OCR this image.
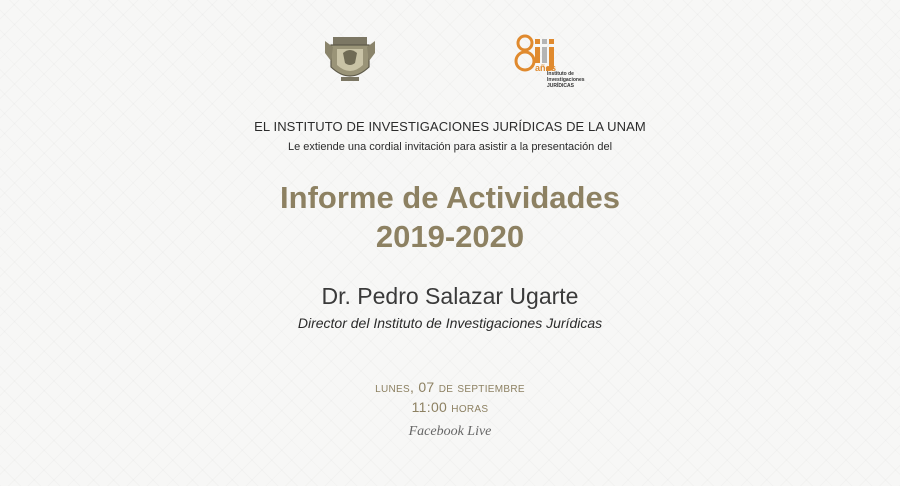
años
Instituto de
Investigaciones
JURÍDICAS
EL INSTITUTO DE INVESTIGACIONES JURÍDICAS DE LA UNAM
Le extiende una cordial invitación para asistir a la presentación del
Informe de Actividades
2019-2020
Dr. Pedro Salazar Ugarte
Director del Instituto de Investigaciones Jurídicas
lunes, 07 de septiembre
11:00 horas
Facebook Live
